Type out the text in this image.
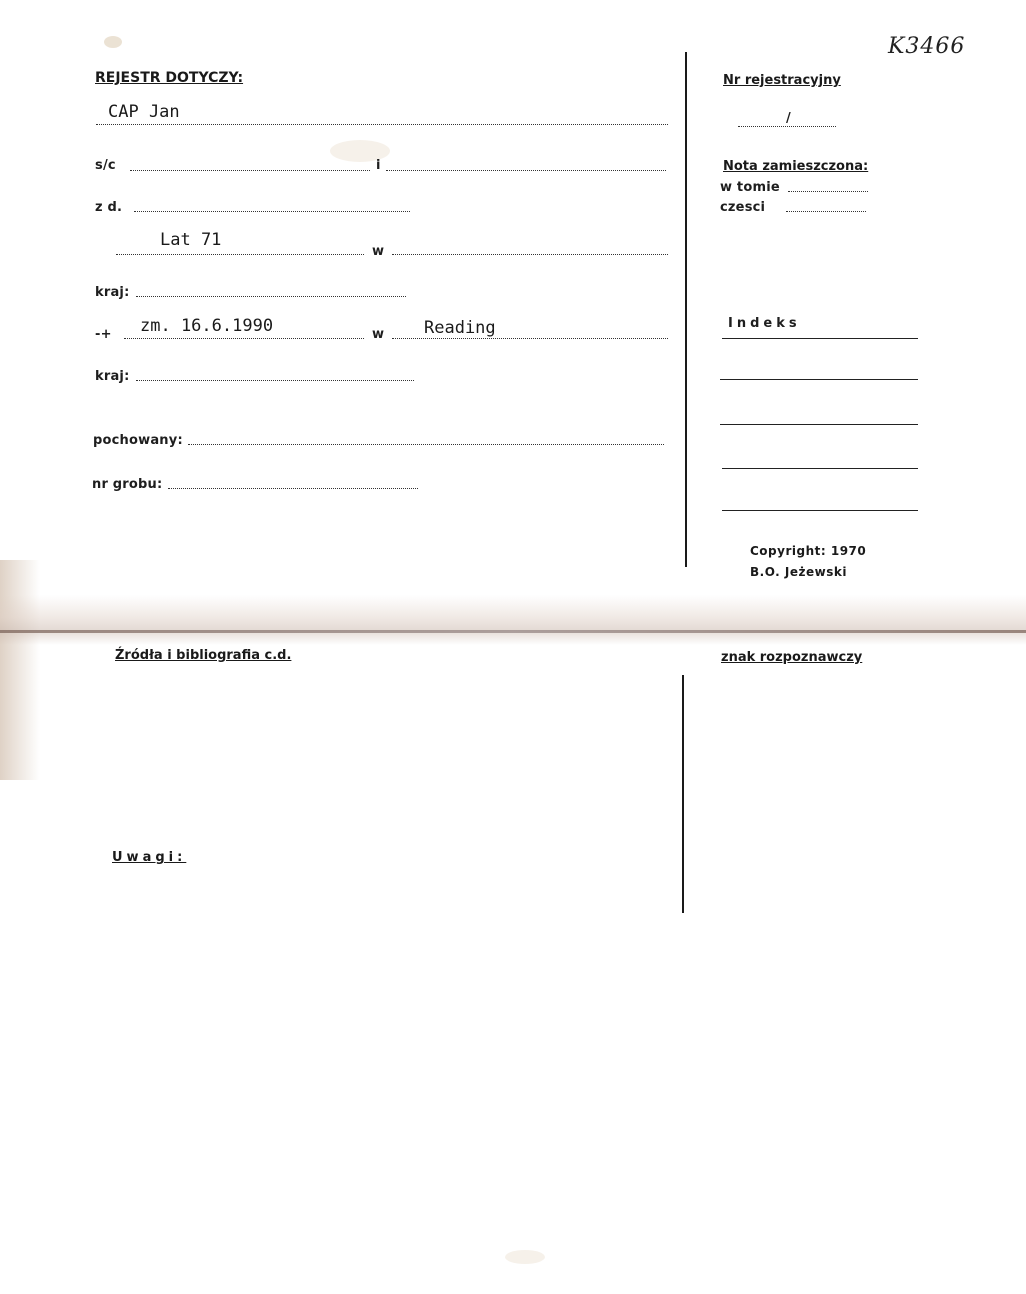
K3466
REJESTR DOTYCZY:
CAP Jan
s/c	i
z d.
Lat 71
w
kraj:
-+ zm. 16.6.1990	w Reading
kraj:
pochowany:
nr grobu:
Nr rejestracyjny
/
Nota zamieszczona:
w tomie
czesci
Indeks
Copyright: 1970
B.O. Jeżewski
Źródła i bibliografia c.d.	znak rozpoznawczy
Uwagi:
